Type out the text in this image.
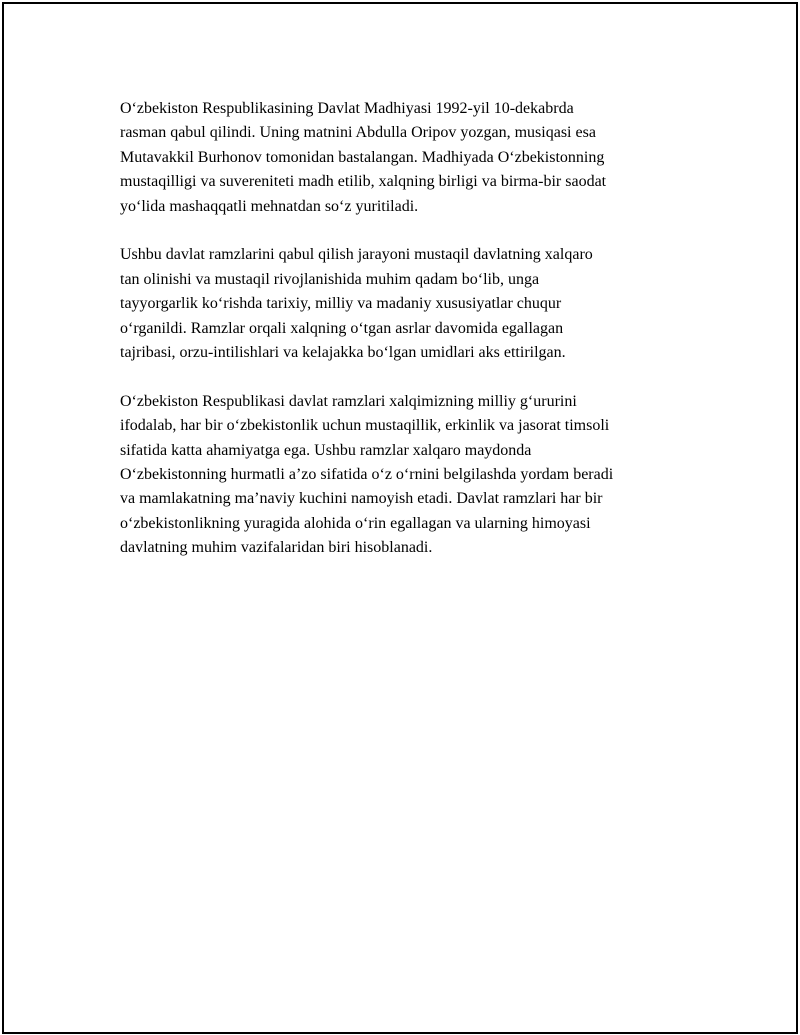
O‘zbekiston Respublikasining Davlat Madhiyasi 1992-yil 10-dekabrda
rasman qabul qilindi. Uning matnini Abdulla Oripov yozgan, musiqasi esa
Mutavakkil Burhonov tomonidan bastalangan. Madhiyada O‘zbekistonning
mustaqilligi va suvereniteti madh etilib, xalqning birligi va birma-bir saodat
yo‘lida mashaqqatli mehnatdan so‘z yuritiladi.

Ushbu davlat ramzlarini qabul qilish jarayoni mustaqil davlatning xalqaro
tan olinishi va mustaqil rivojlanishida muhim qadam bo‘lib, unga
tayyorgarlik ko‘rishda tarixiy, milliy va madaniy xususiyatlar chuqur
o‘rganildi. Ramzlar orqali xalqning o‘tgan asrlar davomida egallagan
tajribasi, orzu-intilishlari va kelajakka bo‘lgan umidlari aks ettirilgan.

O‘zbekiston Respublikasi davlat ramzlari xalqimizning milliy g‘ururini
ifodalab, har bir o‘zbekistonlik uchun mustaqillik, erkinlik va jasorat timsoli
sifatida katta ahamiyatga ega. Ushbu ramzlar xalqaro maydonda
O‘zbekistonning hurmatli a’zo sifatida o‘z o‘rnini belgilashda yordam beradi
va mamlakatning ma’naviy kuchini namoyish etadi. Davlat ramzlari har bir
o‘zbekistonlikning yuragida alohida o‘rin egallagan va ularning himoyasi
davlatning muhim vazifalaridan biri hisoblanadi.
